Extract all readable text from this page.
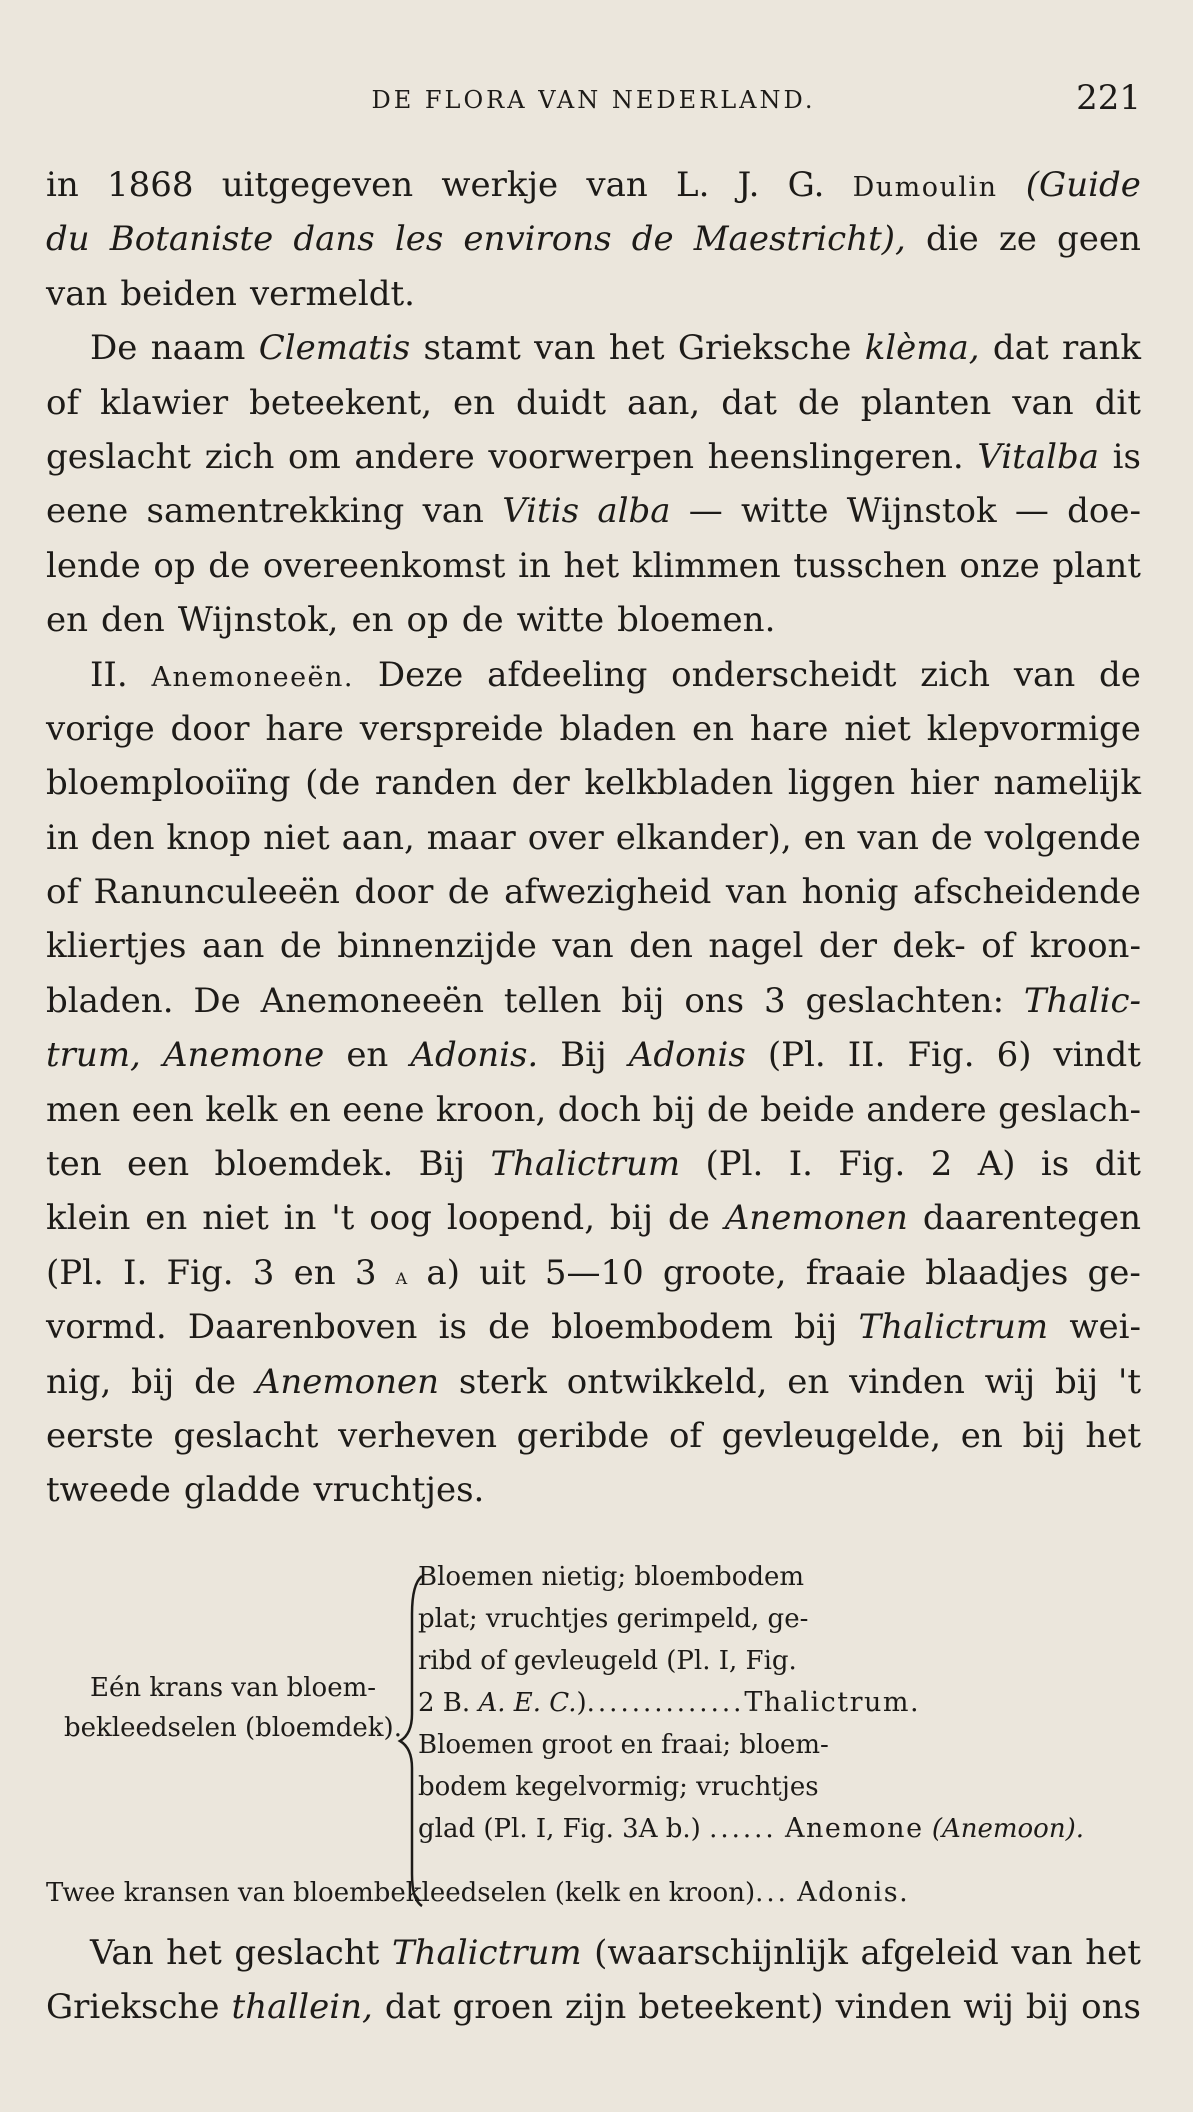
DE FLORA VAN NEDERLAND.	221
in 1868 uitgegeven werkje van L. J. G. Dumoulin (Guide
du Botaniste dans les environs de Maestricht), die ze geen
van beiden vermeldt.
De naam Clematis stamt van het Grieksche klèma, dat rank
of klawier beteekent, en duidt aan, dat de planten van dit
geslacht zich om andere voorwerpen heenslingeren. Vitalba is
eene samentrekking van Vitis alba — witte Wijnstok — doe-
lende op de overeenkomst in het klimmen tusschen onze plant
en den Wijnstok, en op de witte bloemen.
II. Anemoneeën. Deze afdeeling onderscheidt zich van de
vorige door hare verspreide bladen en hare niet klepvormige
bloemplooiïng (de randen der kelkbladen liggen hier namelijk
in den knop niet aan, maar over elkander), en van de volgende
of Ranunculeeën door de afwezigheid van honig afscheidende
kliertjes aan de binnenzijde van den nagel der dek- of kroon-
bladen. De Anemoneeën tellen bij ons 3 geslachten: Thalic-
trum, Anemone en Adonis. Bij Adonis (Pl. II. Fig. 6) vindt
men een kelk en eene kroon, doch bij de beide andere geslach-
ten een bloemdek. Bij Thalictrum (Pl. I. Fig. 2 A) is dit
klein en niet in 't oog loopend, bij de Anemonen daarentegen
(Pl. I. Fig. 3 en 3 A a) uit 5—10 groote, fraaie blaadjes ge-
vormd. Daarenboven is de bloembodem bij Thalictrum wei-
nig, bij de Anemonen sterk ontwikkeld, en vinden wij bij 't
eerste geslacht verheven geribde of gevleugelde, en bij het
tweede gladde vruchtjes.
Eén krans van bloem-
bekleedselen (bloemdek).
Bloemen nietig; bloembodem
plat; vruchtjes gerimpeld, ge-
ribd of gevleugeld (Pl. I, Fig.
2 B. A. E. C.)..............Thalictrum.
Bloemen groot en fraai; bloem-
bodem kegelvormig; vruchtjes
glad (Pl. I, Fig. 3A b.) ...... Anemone (Anemoon).
Twee kransen van bloembekleedselen (kelk en kroon)... Adonis.
Van het geslacht Thalictrum (waarschijnlijk afgeleid van het
Grieksche thallein, dat groen zijn beteekent) vinden wij bij ons
